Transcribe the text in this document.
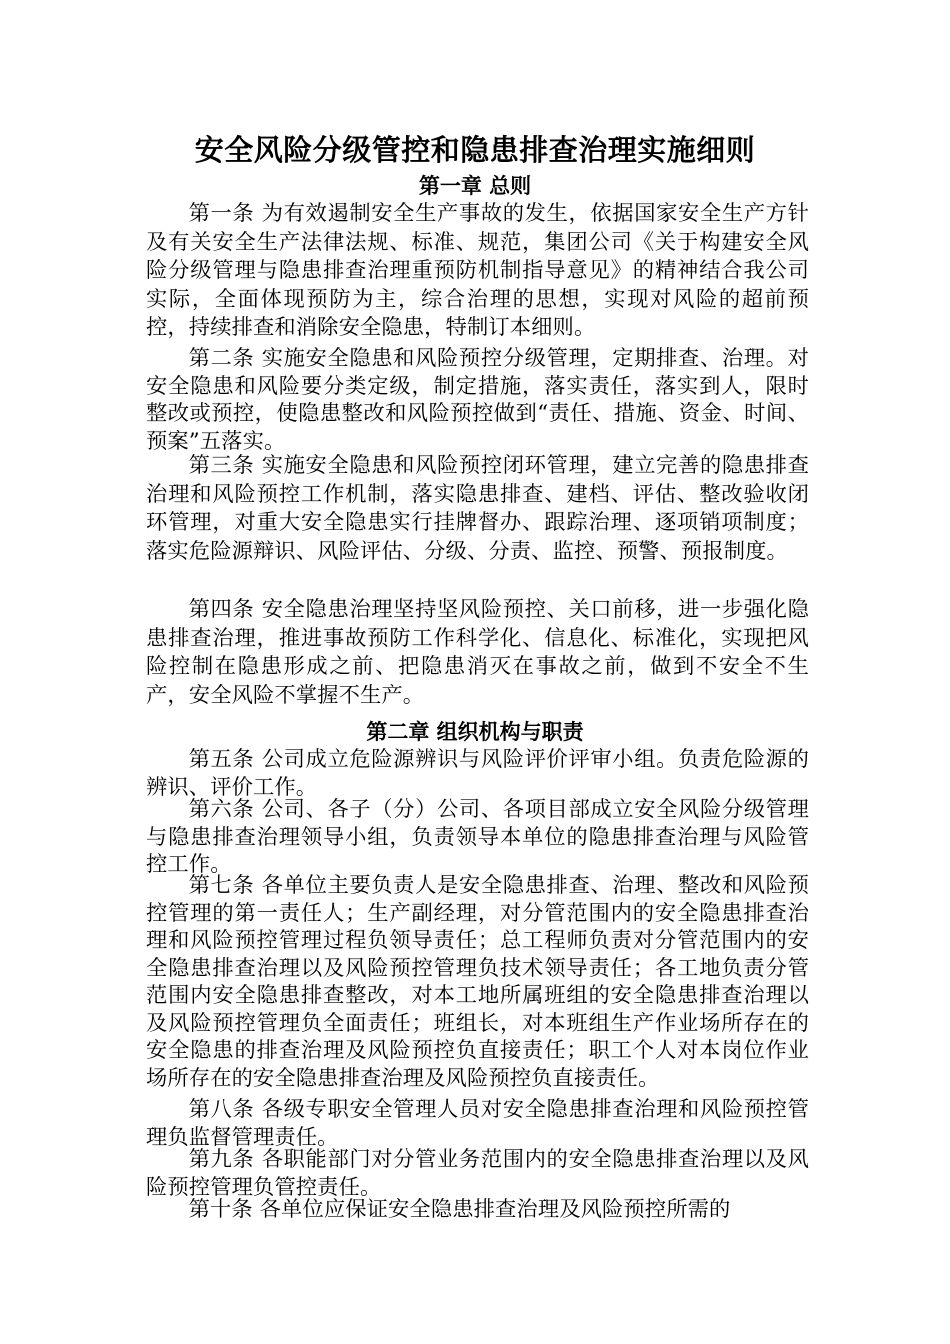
安全风险分级管控和隐患排查治理实施细则
第一章 总则

第一条 为有效遏制安全生产事故的发生，依据国家安全生产方针及有关安全生产法律法规、标准、规范，集团公司《关于构建安全风险分级管理与隐患排查治理重预防机制指导意见》的精神结合我公司实际，全面体现预防为主，综合治理的思想，实现对风险的超前预控，持续排查和消除安全隐患，特制订本细则。

第二条 实施安全隐患和风险预控分级管理，定期排查、治理。对安全隐患和风险要分类定级，制定措施，落实责任，落实到人，限时整改或预控，使隐患整改和风险预控做到“责任、措施、资金、时间、预案”五落实。

第三条 实施安全隐患和风险预控闭环管理，建立完善的隐患排查治理和风险预控工作机制，落实隐患排查、建档、评估、整改验收闭环管理，对重大安全隐患实行挂牌督办、跟踪治理、逐项销项制度；落实危险源辩识、风险评估、分级、分责、监控、预警、预报制度。

第四条 安全隐患治理坚持坚风险预控、关口前移，进一步强化隐患排查治理，推进事故预防工作科学化、信息化、标准化，实现把风险控制在隐患形成之前、把隐患消灭在事故之前，做到不安全不生产，安全风险不掌握不生产。

第二章 组织机构与职责

第五条 公司成立危险源辨识与风险评价评审小组。负责危险源的辨识、评价工作。

第六条 公司、各子（分）公司、各项目部成立安全风险分级管理与隐患排查治理领导小组，负责领导本单位的隐患排查治理与风险管控工作。

第七条 各单位主要负责人是安全隐患排查、治理、整改和风险预控管理的第一责任人；生产副经理，对分管范围内的安全隐患排查治理和风险预控管理过程负领导责任；总工程师负责对分管范围内的安全隐患排查治理以及风险预控管理负技术领导责任；各工地负责分管范围内安全隐患排查整改，对本工地所属班组的安全隐患排查治理以及风险预控管理负全面责任；班组长，对本班组生产作业场所存在的安全隐患的排查治理及风险预控负直接责任；职工个人对本岗位作业场所存在的安全隐患排查治理及风险预控负直接责任。

第八条 各级专职安全管理人员对安全隐患排查治理和风险预控管理负监督管理责任。

第九条 各职能部门对分管业务范围内的安全隐患排查治理以及风险预控管理负管控责任。

第十条 各单位应保证安全隐患排查治理及风险预控所需的
